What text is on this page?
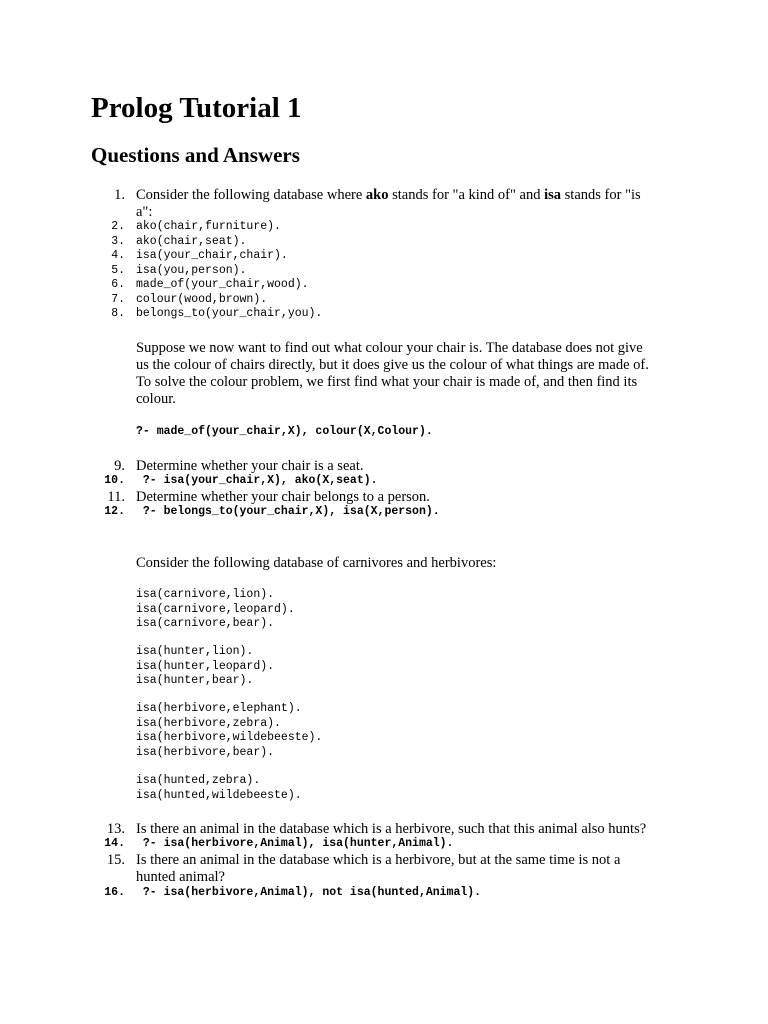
Prolog Tutorial 1
Questions and Answers
1. Consider the following database where ako stands for "a kind of" and isa stands for "is

a":

2. ako(chair,furniture).

3. ako(chair,seat).

4. isa(your_chair,chair).

5. isa(you,person).

6. made_of(your_chair,wood).

7. colour(wood,brown).

8. belongs_to(your_chair,you).

Suppose we now want to find out what colour your chair is. The database does not give

us the colour of chairs directly, but it does give us the colour of what things are made of.

To solve the colour problem, we first find what your chair is made of, and then find its

colour.

?- made_of(your_chair,X), colour(X,Colour).

9. Determine whether your chair is a seat.

10. ?- isa(your_chair,X), ako(X,seat).

11. Determine whether your chair belongs to a person.

12. ?- belongs_to(your_chair,X), isa(X,person).

Consider the following database of carnivores and herbivores:

isa(carnivore,lion).

isa(carnivore,leopard).

isa(carnivore,bear).

isa(hunter,lion).

isa(hunter,leopard).

isa(hunter,bear).

isa(herbivore,elephant).

isa(herbivore,zebra).

isa(herbivore,wildebeeste).

isa(herbivore,bear).

isa(hunted,zebra).

isa(hunted,wildebeeste).

13. Is there an animal in the database which is a herbivore, such that this animal also hunts?

14. ?- isa(herbivore,Animal), isa(hunter,Animal).

15. Is there an animal in the database which is a herbivore, but at the same time is not a

hunted animal?

16. ?- isa(herbivore,Animal), not isa(hunted,Animal).
